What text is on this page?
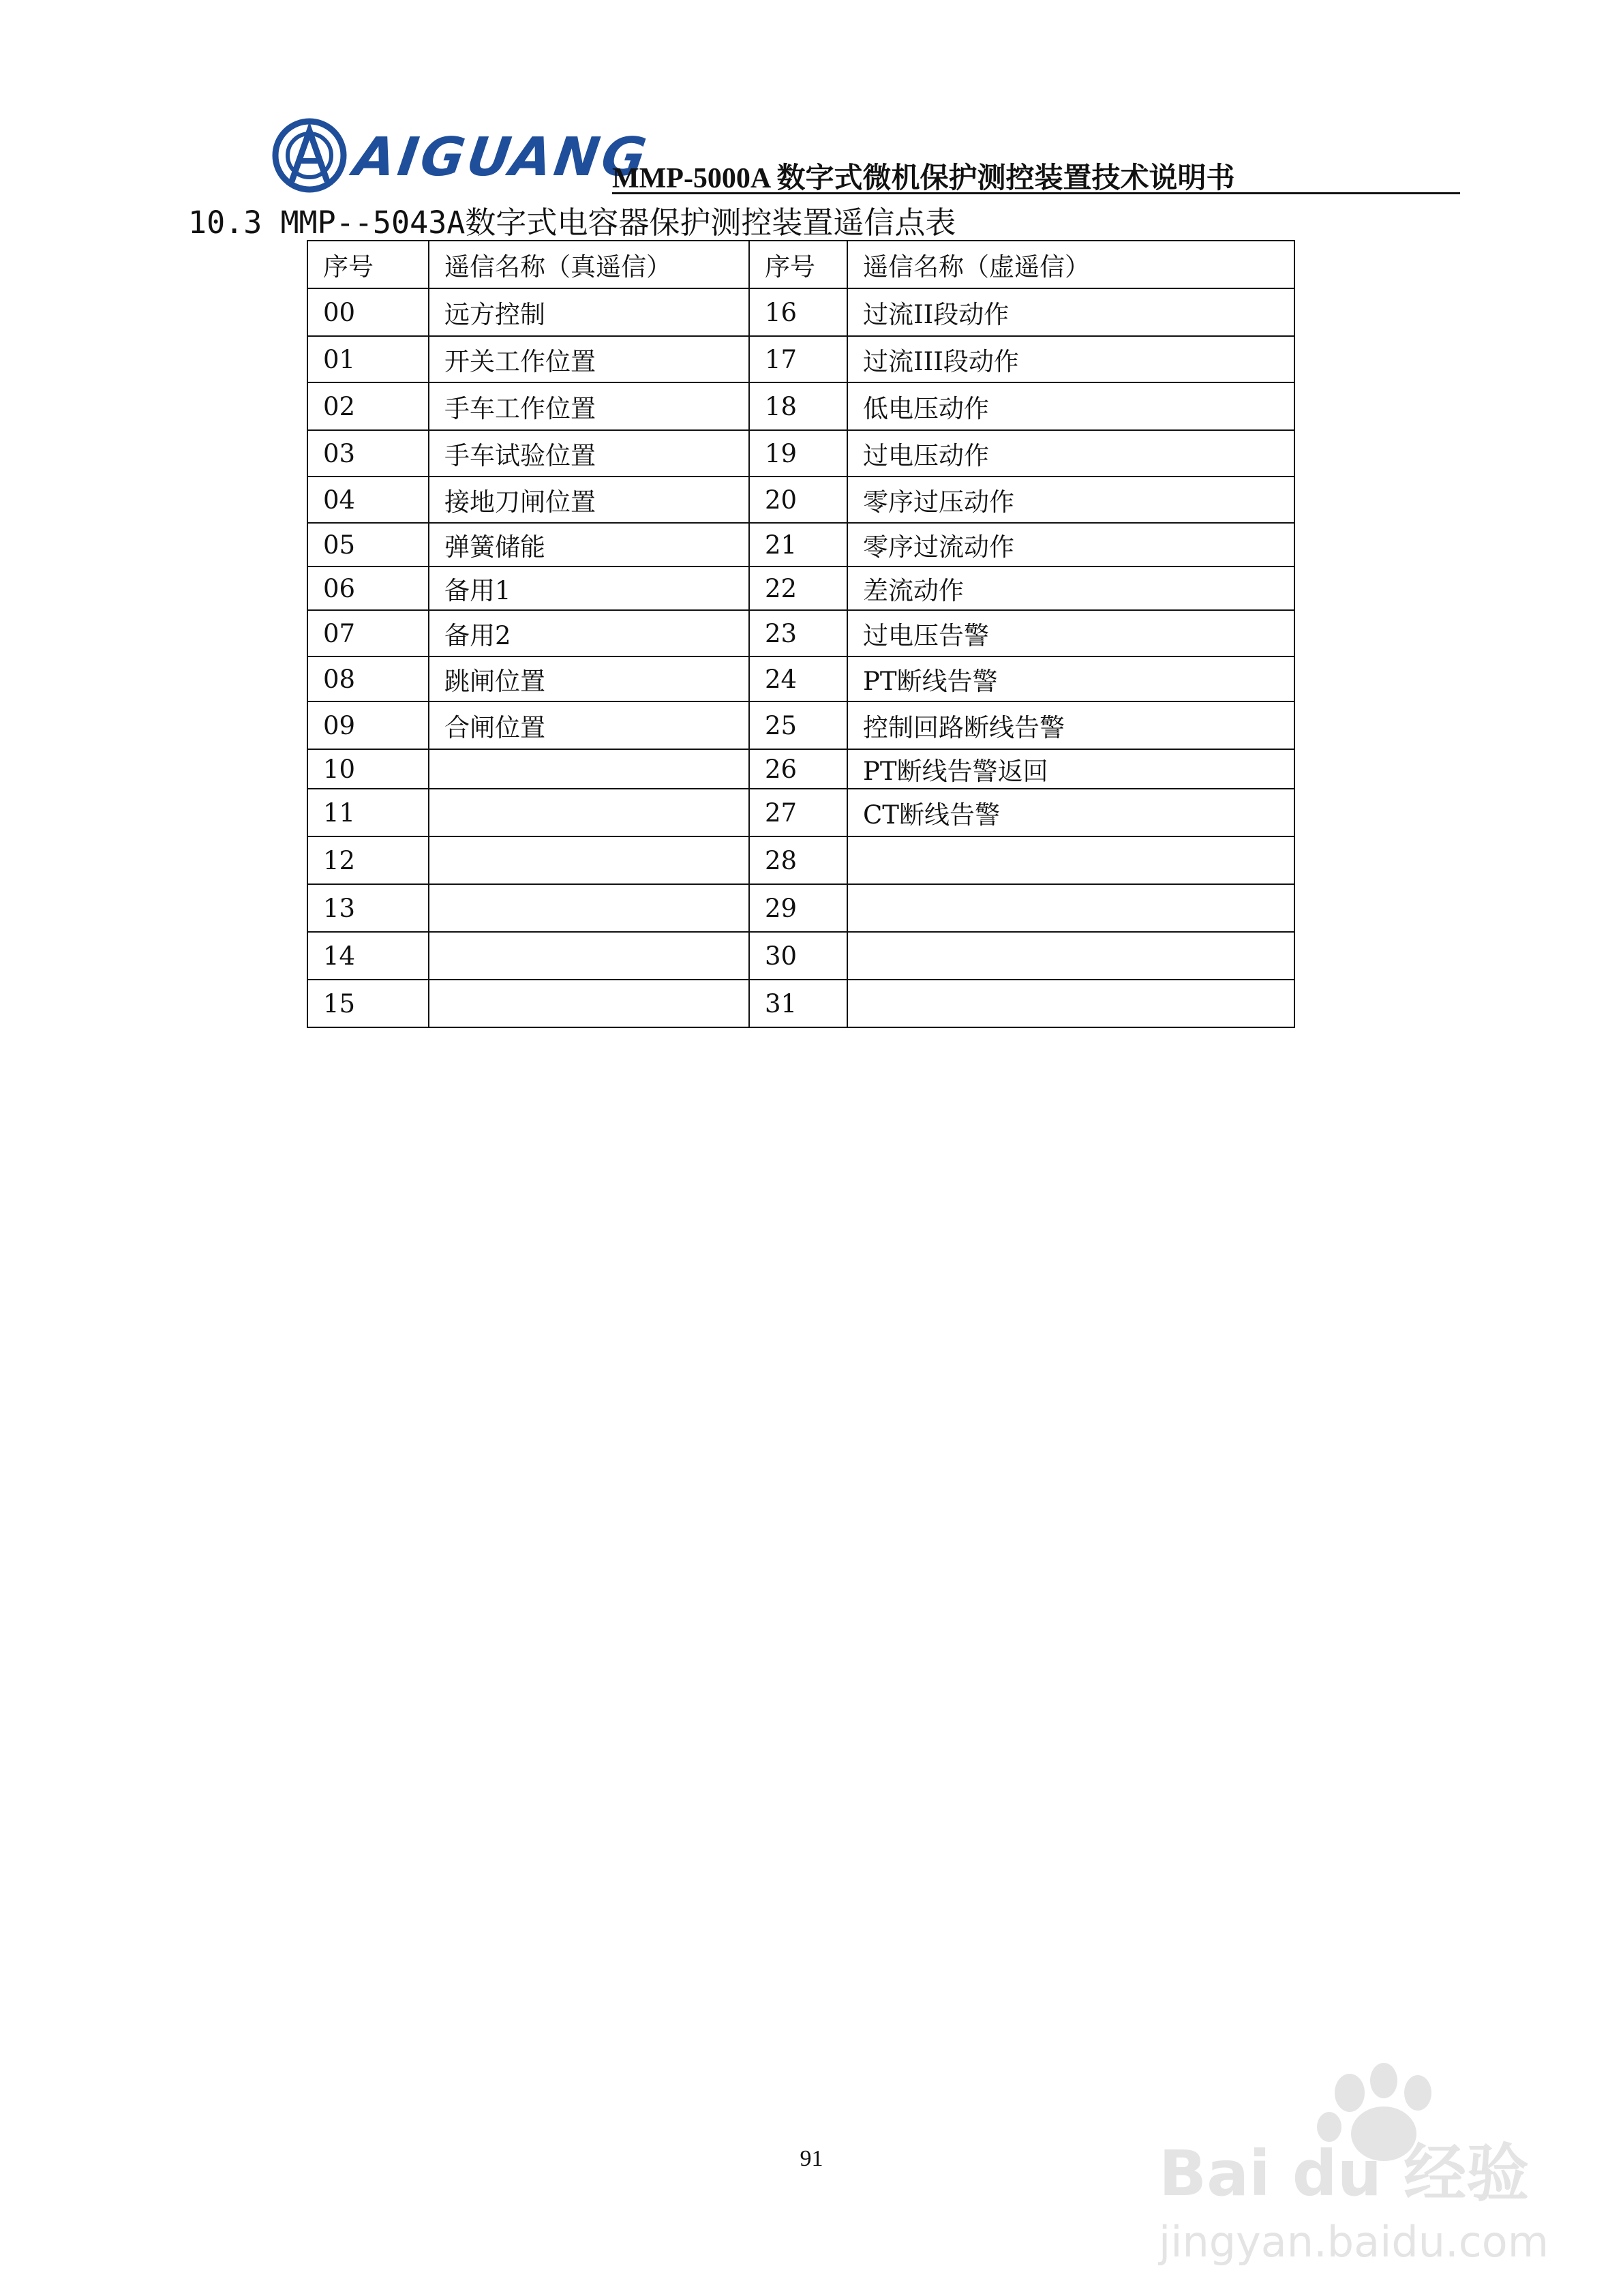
AIGUANG
MMP-5000A 数字式微机保护测控装置技术说明书
10.3 MMP--5043A数字式电容器保护测控装置遥信点表
序号	遥信名称（真遥信）	序号	遥信名称（虚遥信）
00	远方控制	16	过流II段动作
01	开关工作位置	17	过流III段动作
02	手车工作位置	18	低电压动作
03	手车试验位置	19	过电压动作
04	接地刀闸位置	20	零序过压动作
05	弹簧储能	21	零序过流动作
06	备用1	22	差流动作
07	备用2	23	过电压告警
08	跳闸位置	24	PT断线告警
09	合闸位置	25	控制回路断线告警
10		26	PT断线告警返回
11		27	CT断线告警
12		28	
13		29	
14		30	
15		31	
91	Bai du 经验
jingyan.baidu.com
